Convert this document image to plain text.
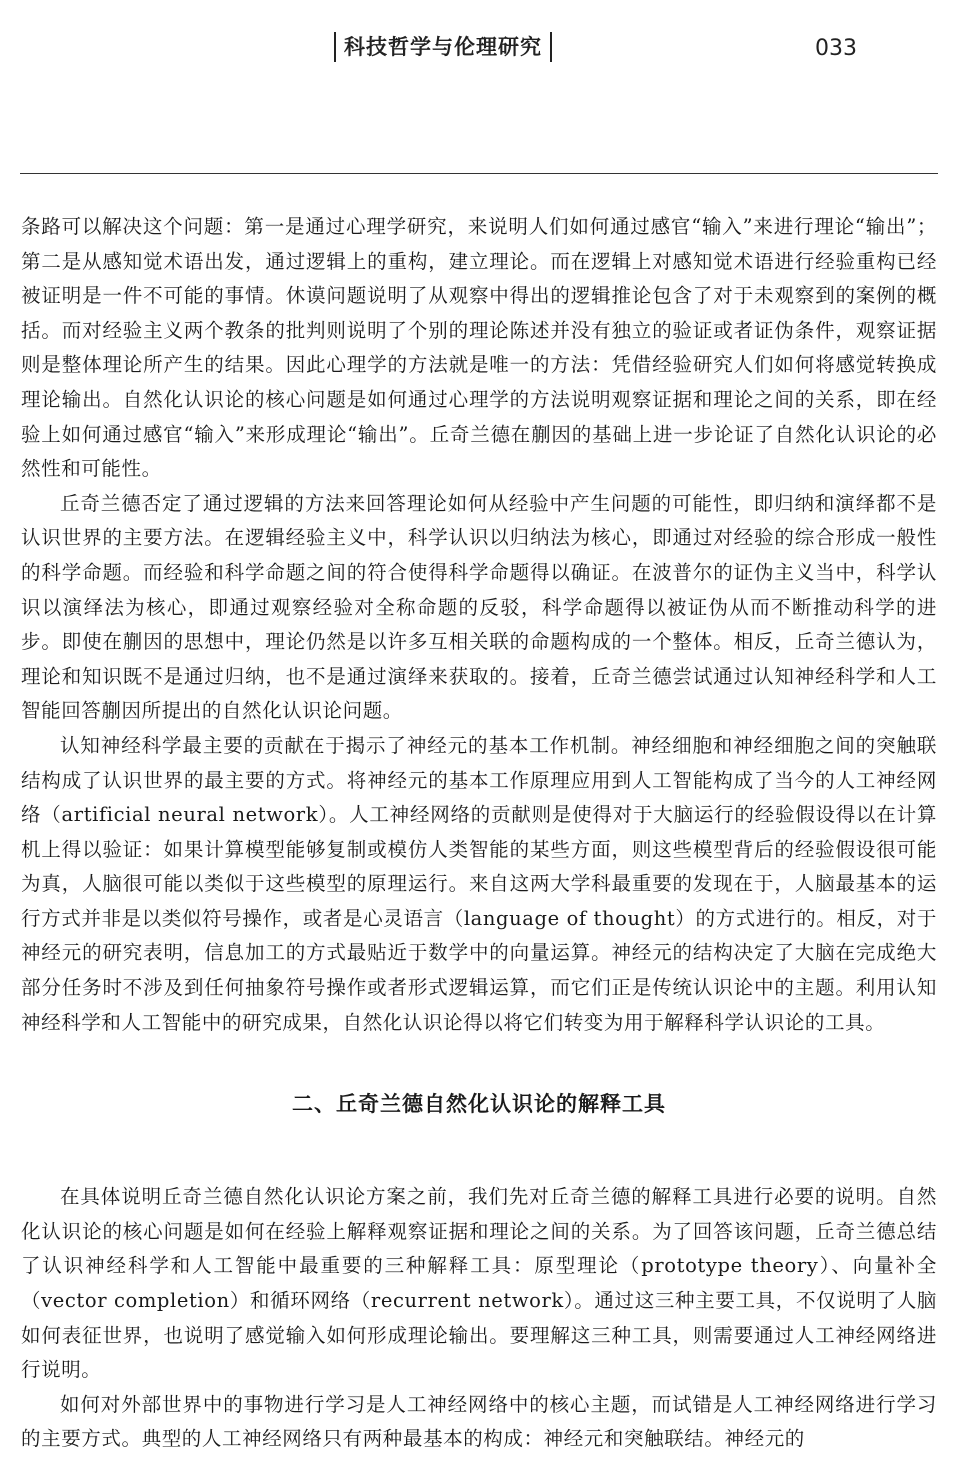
科技哲学与伦理研究	033

条路可以解决这个问题：第一是通过心理学研究，来说明人们如何通过感官“输入”来进行理论“输出”；第二是从感知觉术语出发，通过逻辑上的重构，建立理论。而在逻辑上对感知觉术语进行经验重构已经被证明是一件不可能的事情。休谟问题说明了从观察中得出的逻辑推论包含了对于未观察到的案例的概括。而对经验主义两个教条的批判则说明了个别的理论陈述并没有独立的验证或者证伪条件，观察证据则是整体理论所产生的结果。因此心理学的方法就是唯一的方法：凭借经验研究人们如何将感觉转换成理论输出。自然化认识论的核心问题是如何通过心理学的方法说明观察证据和理论之间的关系，即在经验上如何通过感官“输入”来形成理论“输出”。丘奇兰德在蒯因的基础上进一步论证了自然化认识论的必然性和可能性。

丘奇兰德否定了通过逻辑的方法来回答理论如何从经验中产生问题的可能性，即归纳和演绎都不是认识世界的主要方法。在逻辑经验主义中，科学认识以归纳法为核心，即通过对经验的综合形成一般性的科学命题。而经验和科学命题之间的符合使得科学命题得以确证。在波普尔的证伪主义当中，科学认识以演绎法为核心，即通过观察经验对全称命题的反驳，科学命题得以被证伪从而不断推动科学的进步。即使在蒯因的思想中，理论仍然是以许多互相关联的命题构成的一个整体。相反，丘奇兰德认为，理论和知识既不是通过归纳，也不是通过演绎来获取的。接着，丘奇兰德尝试通过认知神经科学和人工智能回答蒯因所提出的自然化认识论问题。

认知神经科学最主要的贡献在于揭示了神经元的基本工作机制。神经细胞和神经细胞之间的突触联结构成了认识世界的最主要的方式。将神经元的基本工作原理应用到人工智能构成了当今的人工神经网络（artificial neural network）。人工神经网络的贡献则是使得对于大脑运行的经验假设得以在计算机上得以验证：如果计算模型能够复制或模仿人类智能的某些方面，则这些模型背后的经验假设很可能为真，人脑很可能以类似于这些模型的原理运行。来自这两大学科最重要的发现在于，人脑最基本的运行方式并非是以类似符号操作，或者是心灵语言（language of thought）的方式进行的。相反，对于神经元的研究表明，信息加工的方式最贴近于数学中的向量运算。神经元的结构决定了大脑在完成绝大部分任务时不涉及到任何抽象符号操作或者形式逻辑运算，而它们正是传统认识论中的主题。利用认知神经科学和人工智能中的研究成果，自然化认识论得以将它们转变为用于解释科学认识论的工具。

二、丘奇兰德自然化认识论的解释工具

在具体说明丘奇兰德自然化认识论方案之前，我们先对丘奇兰德的解释工具进行必要的说明。自然化认识论的核心问题是如何在经验上解释观察证据和理论之间的关系。为了回答该问题，丘奇兰德总结了认识神经科学和人工智能中最重要的三种解释工具：原型理论（prototype theory）、向量补全（vector completion）和循环网络（recurrent network）。通过这三种主要工具，不仅说明了人脑如何表征世界，也说明了感觉输入如何形成理论输出。要理解这三种工具，则需要通过人工神经网络进行说明。

如何对外部世界中的事物进行学习是人工神经网络中的核心主题，而试错是人工神经网络进行学习的主要方式。典型的人工神经网络只有两种最基本的构成：神经元和突触联结。神经元的
